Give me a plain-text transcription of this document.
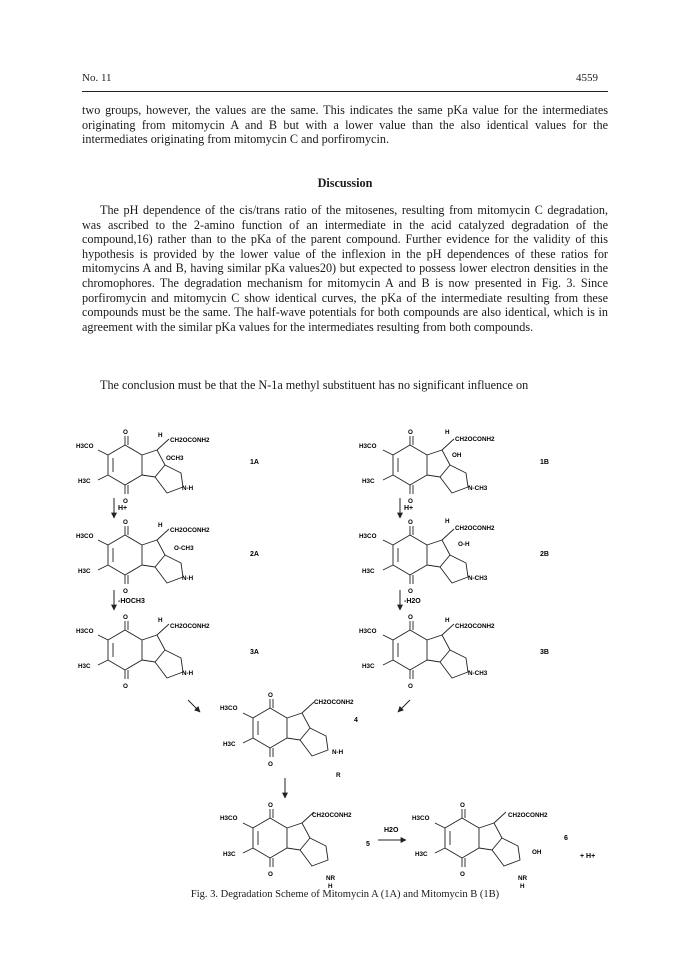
No. 11	4559

two groups, however, the values are the same. This indicates the same pKa value for the intermediates originating from mitomycin A and B but with a lower value than the also identical values for the intermediates originating from mitomycin C and porfiromycin.

Discussion

The pH dependence of the cis/trans ratio of the mitosenes, resulting from mitomycin C degradation, was ascribed to the 2-amino function of an intermediate in the acid catalyzed degradation of the compound,16) rather than to the pKa of the parent compound. Further evidence for the validity of this hypothesis is provided by the lower value of the inflexion in the pH dependences of these ratios for mitomycins A and B, having similar pKa values20) but expected to possess lower electron densities in the chromophores. The degradation mechanism for mitomycin A and B is now presented in Fig. 3. Since porfiromycin and mitomycin C show identical curves, the pKa of the intermediate resulting from these compounds must be the same. The half-wave potentials for both compounds are also identical, which is in agreement with the similar pKa values for the intermediates resulting from both compounds.

The conclusion must be that the N-1a methyl substituent has no significant influence on

H3CO
H3C
O
O
H
CH2OCONH2
OCH3
N-H
1A
H3CO
H3C
O
O
H
CH2OCONH2
OH
N-CH3
1B
H+	H+
H3CO
H3C
O
O
H
CH2OCONH2
O-CH3
N-H
2A
H3CO
H3C
O
O
H
CH2OCONH2
O-H
N-CH3
2B
-HOCH3	-H2O
H3CO
H3C
O
O
H
CH2OCONH2
N-H
3A
H3CO
H3C
O
O
H
CH2OCONH2
N-CH3
3B
H3CO
H3C
O
O
CH2OCONH2
N-H
R
4
H3CO
H3C
O
O
CH2OCONH2
NR
H
5
H2O
H3CO
H3C
O
O
CH2OCONH2
OH
NR
H
6
+ H+
Fig. 3. Degradation Scheme of Mitomycin A (1A) and Mitomycin B (1B)
